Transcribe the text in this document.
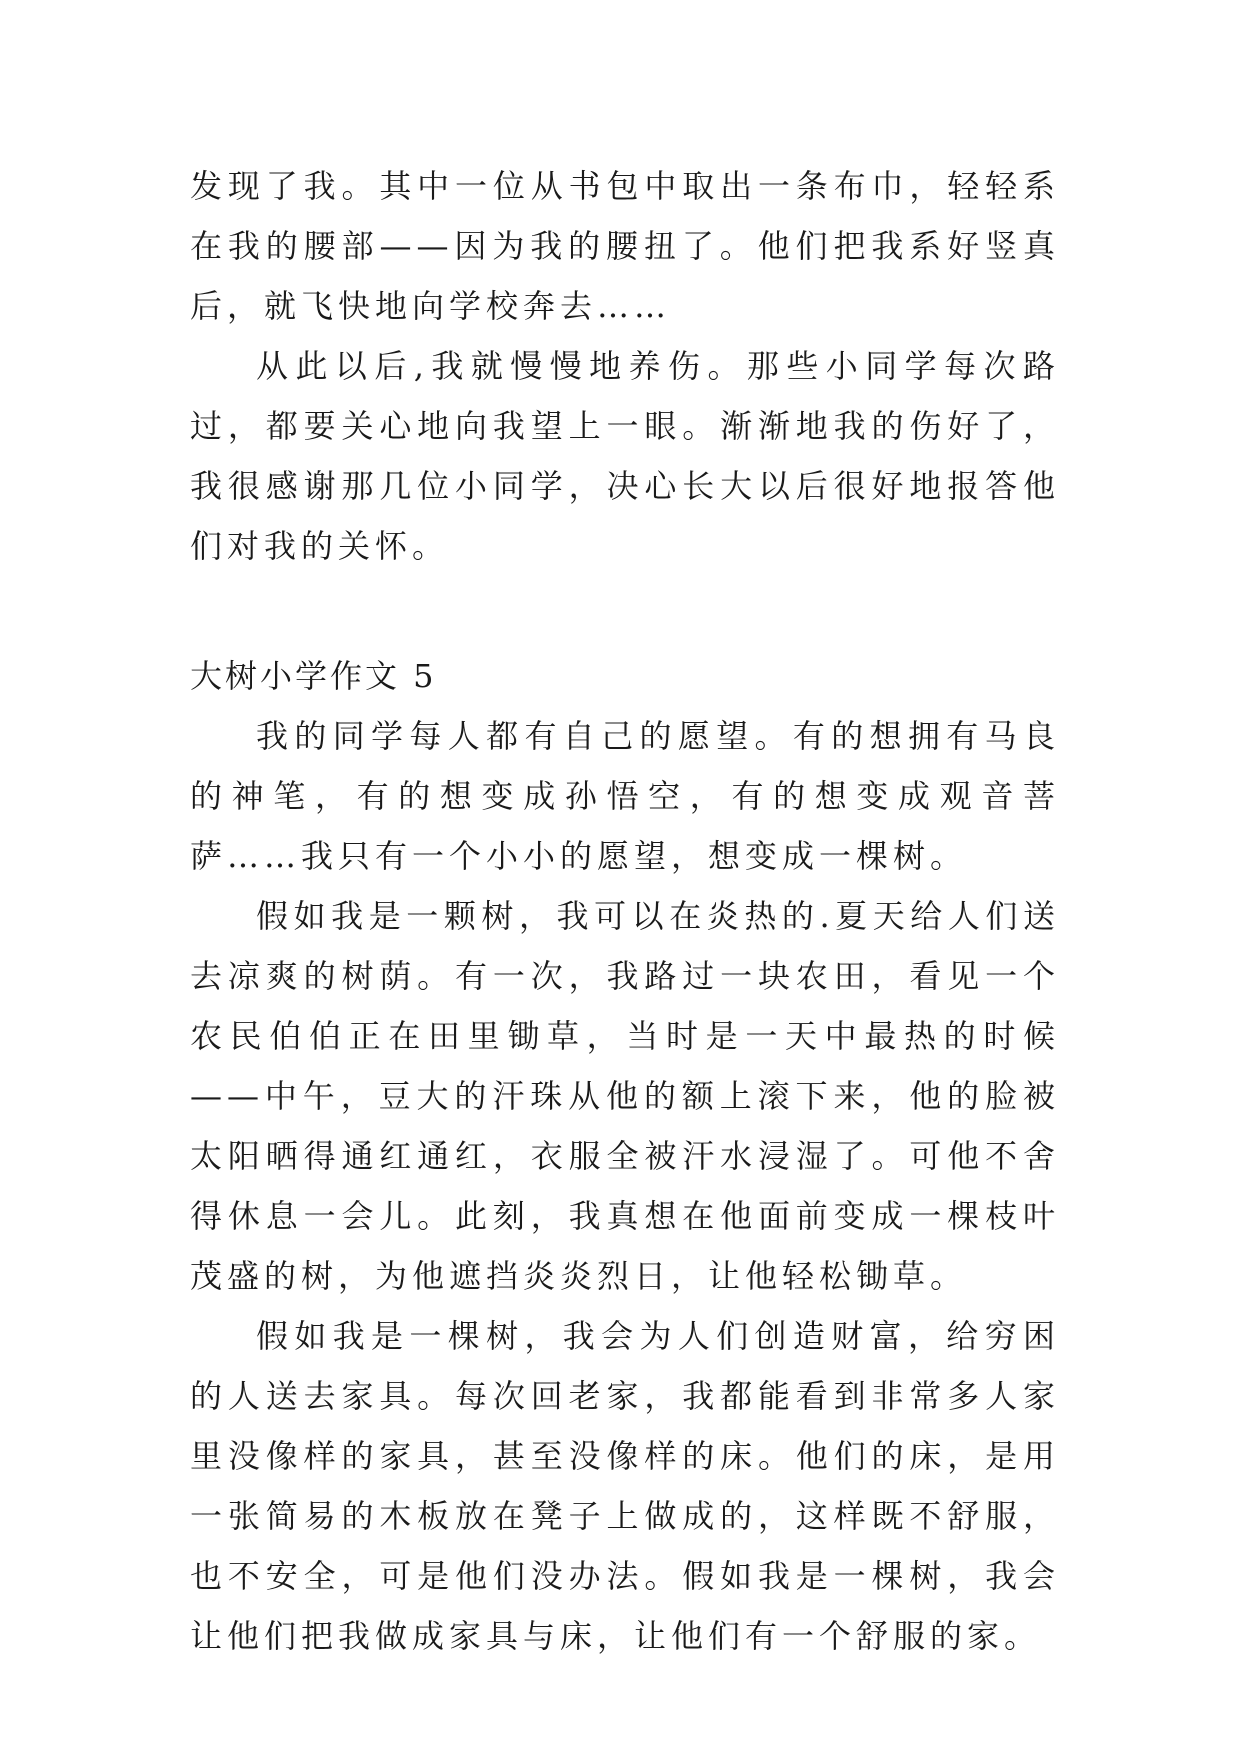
发现了我。其中一位从书包中取出一条布巾，轻轻系在我的腰部——因为我的腰扭了。他们把我系好竖真后，就飞快地向学校奔去……

从此以后,我就慢慢地养伤。那些小同学每次路过，都要关心地向我望上一眼。渐渐地我的伤好了，我很感谢那几位小同学，决心长大以后很好地报答他们对我的关怀。

大树小学作文 5

我的同学每人都有自己的愿望。有的想拥有马良的神笔，有的想变成孙悟空，有的想变成观音菩萨……我只有一个小小的愿望，想变成一棵树。

假如我是一颗树，我可以在炎热的.夏天给人们送去凉爽的树荫。有一次，我路过一块农田，看见一个农民伯伯正在田里锄草，当时是一天中最热的时候——中午，豆大的汗珠从他的额上滚下来，他的脸被太阳晒得通红通红，衣服全被汗水浸湿了。可他不舍得休息一会儿。此刻，我真想在他面前变成一棵枝叶茂盛的树，为他遮挡炎炎烈日，让他轻松锄草。

假如我是一棵树，我会为人们创造财富，给穷困的人送去家具。每次回老家，我都能看到非常多人家里没像样的家具，甚至没像样的床。他们的床，是用一张简易的木板放在凳子上做成的，这样既不舒服，也不安全，可是他们没办法。假如我是一棵树，我会让他们把我做成家具与床，让他们有一个舒服的家。
